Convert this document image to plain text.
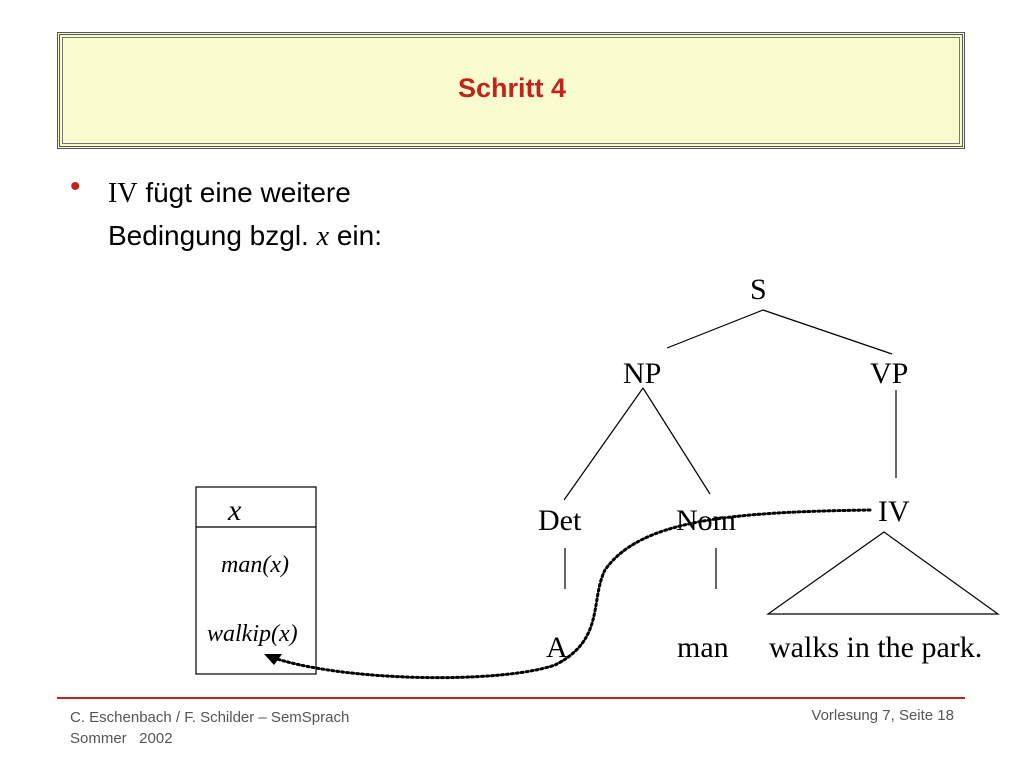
Schritt 4
• IV fügt eine weitere
Bedingung bzgl. x ein:
S
NP	VP
Det	Nom	IV
A	man walks in the park.
x
man(x)
walkip(x)
C. Eschenbach / F. Schilder – SemSprach
Sommer   2002
Vorlesung 7, Seite 18
